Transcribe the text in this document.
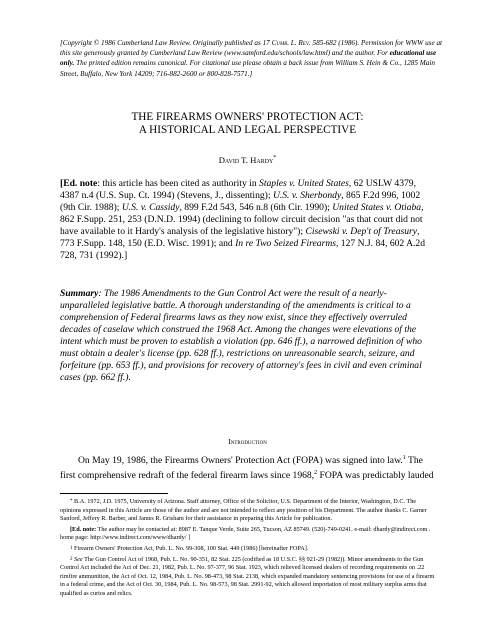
[Copyright © 1986 Cumberland Law Review. Originally published as 17 Cumb. L. Rev. 585-682 (1986). Permission for WWW use at this site generously granted by Cumberland Law Review (www.samford.edu/schools/law.html) and the author. For educational use only. The printed edition remains canonical. For citational use please obtain a back issue from William S. Hein & Co., 1285 Main Street, Buffalo, New York 14209; 716-882-2600 or 800-828-7571.]
THE FIREARMS OWNERS' PROTECTION ACT:
A HISTORICAL AND LEGAL PERSPECTIVE
David T. Hardy*
[Ed. note: this article has been cited as authority in Staples v. United States, 62 USLW 4379, 4387 n.4 (U.S. Sup. Ct. 1994) (Stevens, J., dissenting); U.S. v. Sherbondy, 865 F.2d 996, 1002 (9th Cir. 1988); U.S. v. Cassidy, 899 F.2d 543, 546 n.8 (6th Cir. 1990); United States v. Otiaba, 862 F.Supp. 251, 253 (D.N.D. 1994) (declining to follow circuit decision "as that court did not have available to it Hardy's analysis of the legislative history"); Cisewski v. Dep't of Treasury, 773 F.Supp. 148, 150 (E.D. Wisc. 1991); and In re Two Seized Firearms, 127 N.J. 84, 602 A.2d 728, 731 (1992).]
Summary: The 1986 Amendments to the Gun Control Act were the result of a nearly-unparalleled legislative battle. A thorough understanding of the amendments is critical to a comprehension of Federal firearms laws as they now exist, since they effectively overruled decades of caselaw which construed the 1968 Act. Among the changes were elevations of the intent which must be proven to establish a violation (pp. 646 ff.), a narrowed definition of who must obtain a dealer's license (pp. 628 ff.), restrictions on unreasonable search, seizure, and forfeiture (pp. 653 ff.), and provisions for recovery of attorney's fees in civil and even criminal cases (pp. 662 ff.).
Introduction
On May 19, 1986, the Firearms Owners' Protection Act (FOPA) was signed into law.$^1$ The first comprehensive redraft of the federal firearm laws since 1968,$^2$ FOPA was predictably lauded

* B.A. 1972, J.D. 1975, University of Arizona. Staff attorney, Office of the Solicitor, U.S. Department of the Interior, Washington, D.C. The opinions expressed in this Article are those of the author and are not intended to reflect any position of his Department. The author thanks C. Garner Sanford, Jeffery R. Barber, and James R. Grisham for their assistance in preparing this Article for publication.

[Ed. note: The author may be contacted at: 8987 E. Tanque Verde, Suite 265, Tucson, AZ 85749. (520)-749-0241. e-mail: dhardy@indirect.com . home page: http://www.indirect.com/www/dhardy/ ]

$^1$ Firearm Owners' Protection Act, Pub. L. No. 99-308, 100 Stat. 449 (1986) [hereinafter FOPA].

$^2$ See The Gun Control Act of 1968, Pub. L. No. 90-351, 82 Stat. 225 (codified as 18 U.S.C. §§ 921-29 (1982)). Minor amendments to the Gun Control Act included the Act of Dec. 21, 1982, Pub. L. No. 97-377, 96 Stat. 1923, which relieved licensed dealers of recording requirements on .22 rimfire ammunition, the Act of Oct. 12, 1984, Pub. L. No. 98-473, 98 Stat. 2138, which expanded mandatory sentencing provisions for use of a firearm in a federal crime, and the Act of Oct. 30, 1984, Pub. L. No. 98-573, 98 Stat. 2991-92, which allowed importation of most military surplus arms that qualified as curios and relics.
